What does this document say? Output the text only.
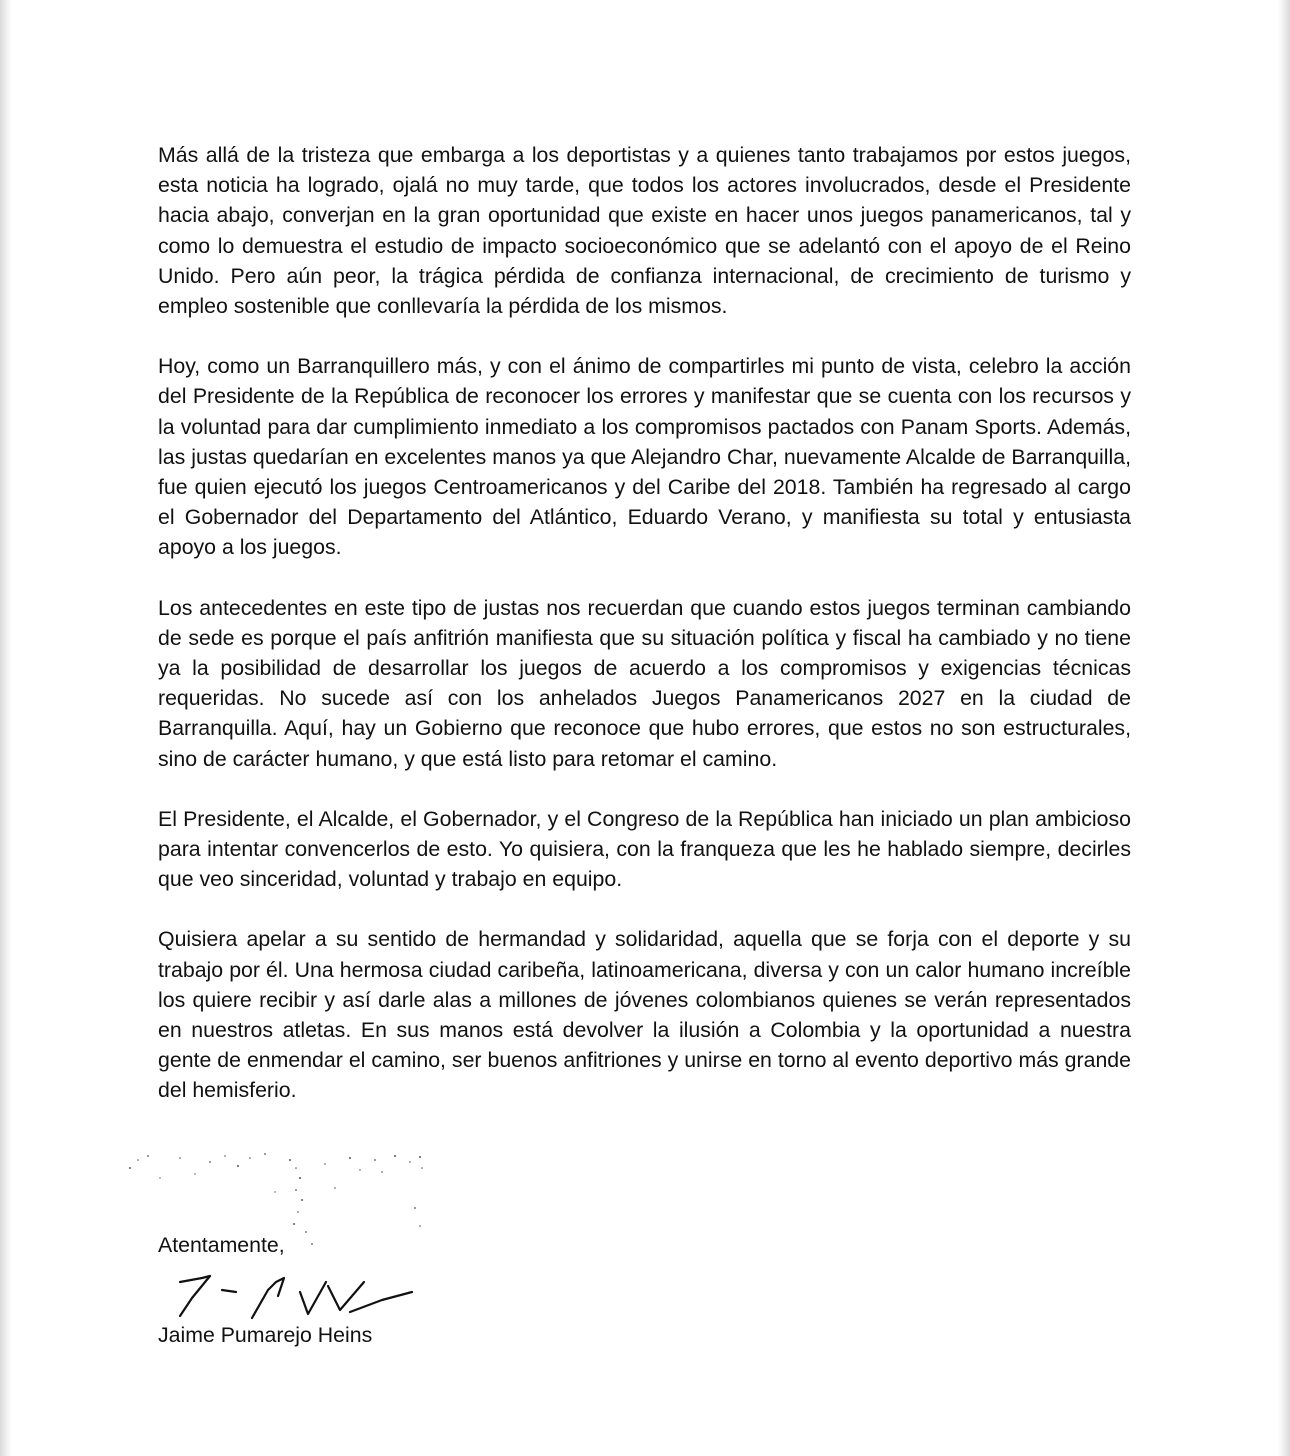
Más allá de la tristeza que embarga a los deportistas y a quienes tanto trabajamos por estos juegos, esta noticia ha logrado, ojalá no muy tarde, que todos los actores involucrados, desde el Presidente hacia abajo, converjan en la gran oportunidad que existe en hacer unos juegos panamericanos, tal y como lo demuestra el estudio de impacto socioeconómico que se adelantó con el apoyo de el Reino Unido. Pero aún peor, la trágica pérdida de confianza internacional, de crecimiento de turismo y empleo sostenible que conllevaría la pérdida de los mismos.

Hoy, como un Barranquillero más, y con el ánimo de compartirles mi punto de vista, celebro la acción del Presidente de la República de reconocer los errores y manifestar que se cuenta con los recursos y la voluntad para dar cumplimiento inmediato a los compromisos pactados con Panam Sports. Además, las justas quedarían en excelentes manos ya que Alejandro Char, nuevamente Alcalde de Barranquilla, fue quien ejecutó los juegos Centroamericanos y del Caribe del 2018. También ha regresado al cargo el Gobernador del Departamento del Atlántico, Eduardo Verano, y manifiesta su total y entusiasta apoyo a los juegos.

Los antecedentes en este tipo de justas nos recuerdan que cuando estos juegos terminan cambiando de sede es porque el país anfitrión manifiesta que su situación política y fiscal ha cambiado y no tiene ya la posibilidad de desarrollar los juegos de acuerdo a los compromisos y exigencias técnicas requeridas. No sucede así con los anhelados Juegos Panamericanos 2027 en la ciudad de Barranquilla. Aquí, hay un Gobierno que reconoce que hubo errores, que estos no son estructurales, sino de carácter humano, y que está listo para retomar el camino.

El Presidente, el Alcalde, el Gobernador, y el Congreso de la República han iniciado un plan ambicioso para intentar convencerlos de esto. Yo quisiera, con la franqueza que les he hablado siempre, decirles que veo sinceridad, voluntad y trabajo en equipo.

Quisiera apelar a su sentido de hermandad y solidaridad, aquella que se forja con el deporte y su trabajo por él. Una hermosa ciudad caribeña, latinoamericana, diversa y con un calor humano increíble los quiere recibir y así darle alas a millones de jóvenes colombianos quienes se verán representados en nuestros atletas. En sus manos está devolver la ilusión a Colombia y la oportunidad a nuestra gente de enmendar el camino, ser buenos anfitriones y unirse en torno al evento deportivo más grande del hemisferio.

Atentamente,

Jaime Pumarejo Heins
